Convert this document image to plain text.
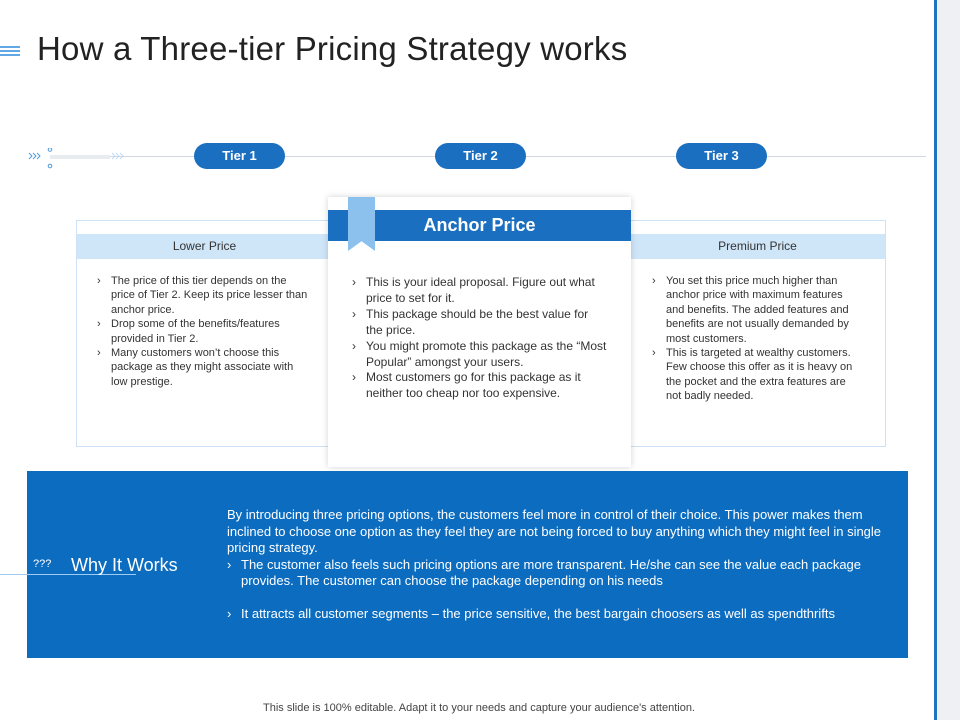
How a Three-tier Pricing Strategy works
Tier 1	Tier 2	Tier 3
Lower Price
› The price of this tier depends on the price of Tier 2. Keep its price lesser than anchor price.
› Drop some of the benefits/features provided in Tier 2.
› Many customers won’t choose this package as they might associate with low prestige.
Premium Price
› You set this price much higher than anchor price with maximum features and benefits. The added features and benefits are not usually demanded by most customers.
› This is targeted at wealthy customers. Few choose this offer as it is heavy on the pocket and the extra features are not badly needed.
Anchor Price
› This is your ideal proposal. Figure out what price to set for it.
› This package should be the best value for the price.
› You might promote this package as the “Most Popular” amongst your users.
› Most customers go for this package as it neither too cheap nor too expensive.
??? Why It Works

By introducing three pricing options, the customers feel more in control of their choice. This power makes them inclined to choose one option as they feel they are not being forced to buy anything which they might feel in single pricing strategy.

› The customer also feels such pricing options are more transparent. He/she can see the value each package provides. The customer can choose the package depending on his needs
› It attracts all customer segments – the price sensitive, the best bargain choosers as well as spendthrifts
This slide is 100% editable. Adapt it to your needs and capture your audience's attention.
